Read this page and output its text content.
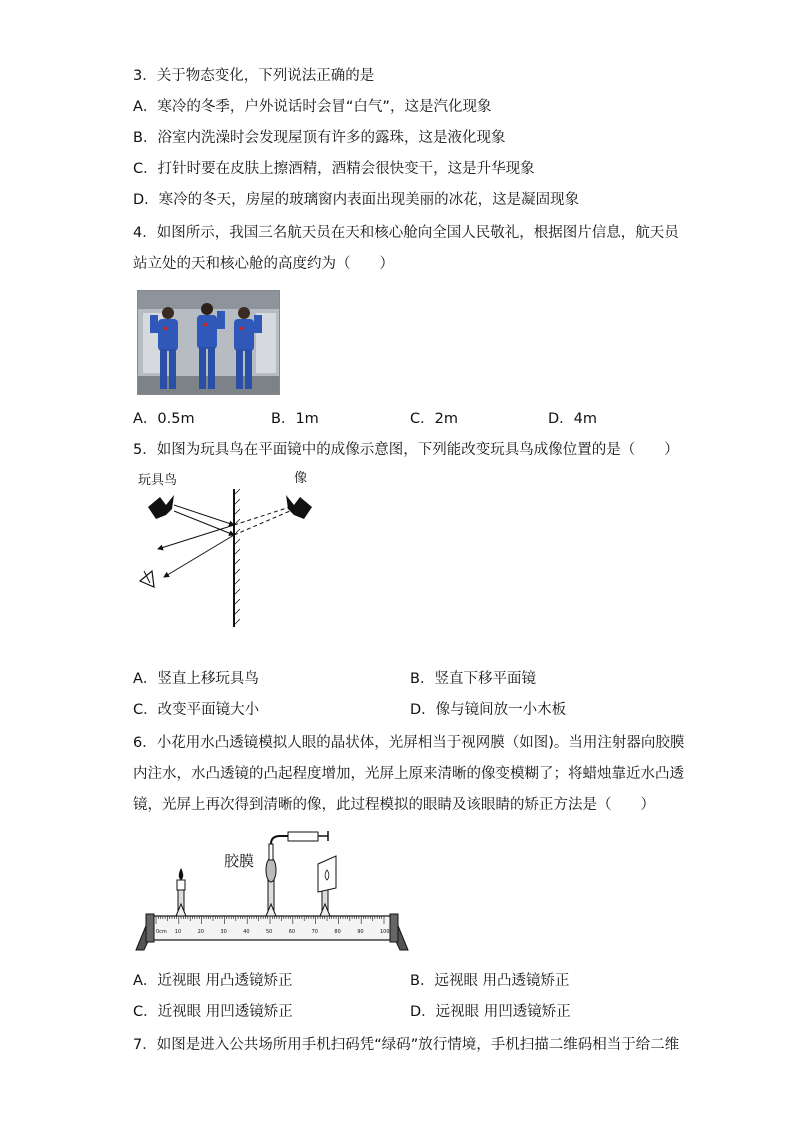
3．关于物态变化，下列说法正确的是
A．寒冷的冬季，户外说话时会冒“白气”，这是汽化现象
B．浴室内洗澡时会发现屋顶有许多的露珠，这是液化现象
C．打针时要在皮肤上擦酒精，酒精会很快变干，这是升华现象
D．寒冷的冬天，房屋的玻璃窗内表面出现美丽的冰花，这是凝固现象
4．如图所示，我国三名航天员在天和核心舱向全国人民敬礼，根据图片信息，航天员
站立处的天和核心舱的高度约为（　　）
A．0.5m	B．1m	C．2m	D．4m
5．如图为玩具鸟在平面镜中的成像示意图，下列能改变玩具鸟成像位置的是（　　）
玩具鸟	像
A．竖直上移玩具鸟	B．竖直下移平面镜
C．改变平面镜大小	D．像与镜间放一小木板
6．小花用水凸透镜模拟人眼的晶状体，光屏相当于视网膜（如图)。当用注射器向胶膜
内注水，水凸透镜的凸起程度增加，光屏上原来清晰的像变模糊了；将蜡烛靠近水凸透
镜，光屏上再次得到清晰的像，此过程模拟的眼睛及该眼睛的矫正方法是（　　）
胶膜
0cm 10	20	30	40	50	60	70	80	90	100
A．近视眼 用凸透镜矫正	B．远视眼 用凸透镜矫正
C．近视眼 用凹透镜矫正	D．远视眼 用凹透镜矫正
7．如图是进入公共场所用手机扫码凭“绿码”放行情境，手机扫描二维码相当于给二维
